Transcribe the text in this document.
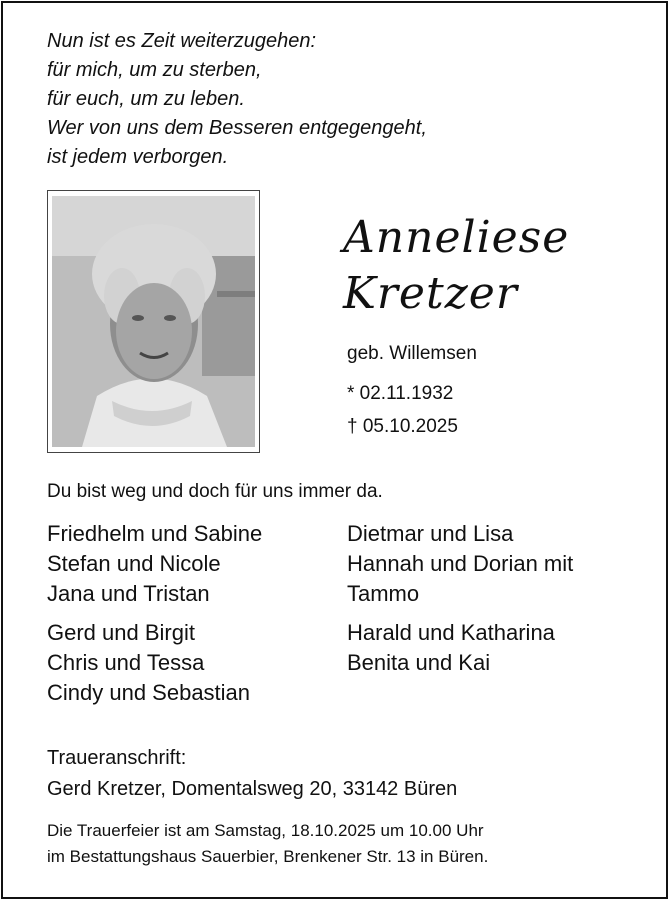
Nun ist es Zeit weiterzugehen:
für mich, um zu sterben,
für euch, um zu leben.
Wer von uns dem Besseren entgegengeht,
ist jedem verborgen.
Anneliese
Kretzer
geb. Willemsen
* 02.11.1932
† 05.10.2025
Du bist weg und doch für uns immer da.
Friedhelm und Sabine
Stefan und Nicole
Jana und Tristan
Dietmar und Lisa
Hannah und Dorian mit
Tammo
Gerd und Birgit
Chris und Tessa
Cindy und Sebastian
Harald und Katharina
Benita und Kai
Traueranschrift:
Gerd Kretzer, Domentalsweg 20, 33142 Büren
Die Trauerfeier ist am Samstag, 18.10.2025 um 10.00 Uhr
im Bestattungshaus Sauerbier, Brenkener Str. 13 in Büren.
